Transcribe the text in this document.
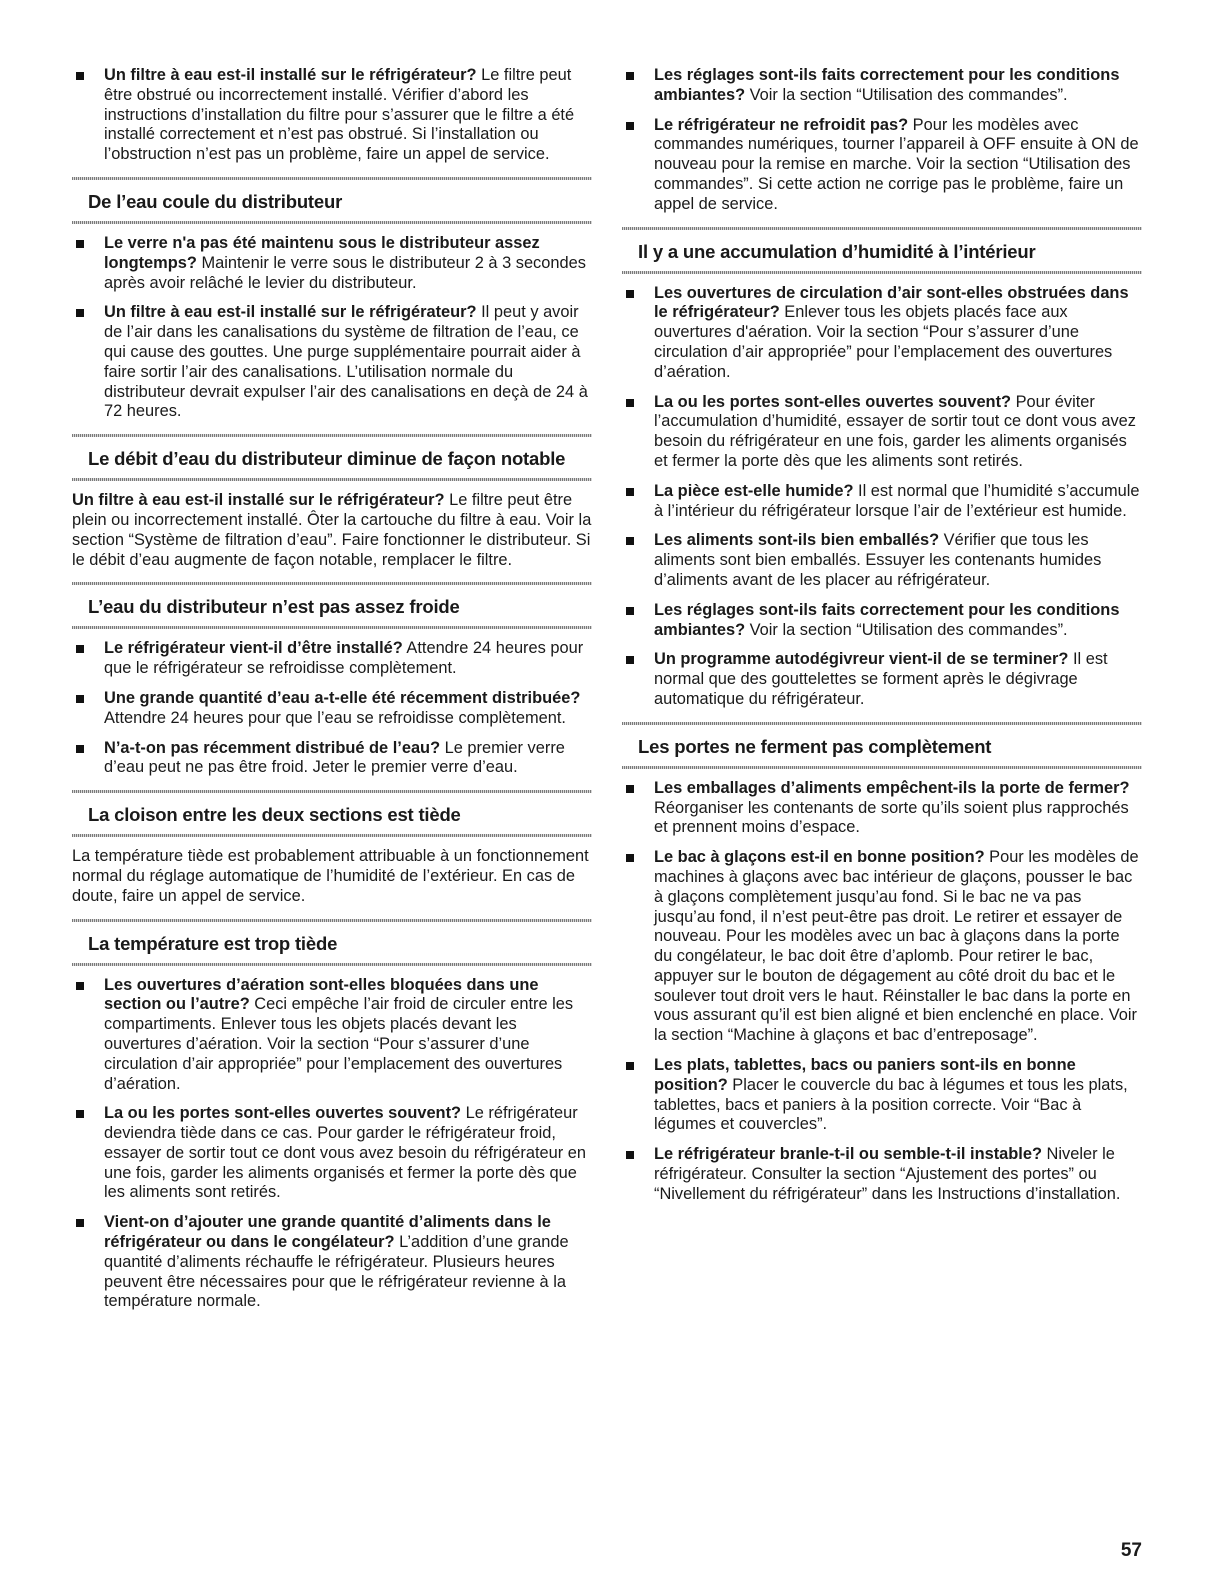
Un filtre à eau est-il installé sur le réfrigérateur? Le filtre peut être obstrué ou incorrectement installé. Vérifier d’abord les instructions d’installation du filtre pour s’assurer que le filtre a été installé correctement et n’est pas obstrué. Si l’installation ou l’obstruction n’est pas un problème, faire un appel de service.
De l’eau coule du distributeur
Le verre n'a pas été maintenu sous le distributeur assez longtemps? Maintenir le verre sous le distributeur 2 à 3 secondes après avoir relâché le levier du distributeur.
Un filtre à eau est-il installé sur le réfrigérateur? Il peut y avoir de l’air dans les canalisations du système de filtration de l’eau, ce qui cause des gouttes. Une purge supplémentaire pourrait aider à faire sortir l’air des canalisations. L’utilisation normale du distributeur devrait expulser l’air des canalisations en deçà de 24 à 72 heures.
Le débit d’eau du distributeur diminue de façon notable
Un filtre à eau est-il installé sur le réfrigérateur? Le filtre peut être plein ou incorrectement installé. Ôter la cartouche du filtre à eau. Voir la section “Système de filtration d’eau”. Faire fonctionner le distributeur. Si le débit d’eau augmente de façon notable, remplacer le filtre.
L’eau du distributeur n’est pas assez froide
Le réfrigérateur vient-il d’être installé? Attendre 24 heures pour que le réfrigérateur se refroidisse complètement.
Une grande quantité d’eau a-t-elle été récemment distribuée? Attendre 24 heures pour que l’eau se refroidisse complètement.
N’a-t-on pas récemment distribué de l’eau? Le premier verre d’eau peut ne pas être froid. Jeter le premier verre d’eau.
La cloison entre les deux sections est tiède
La température tiède est probablement attribuable à un fonctionnement normal du réglage automatique de l’humidité de l’extérieur. En cas de doute, faire un appel de service.
La température est trop tiède
Les ouvertures d’aération sont-elles bloquées dans une section ou l’autre? Ceci empêche l’air froid de circuler entre les compartiments. Enlever tous les objets placés devant les ouvertures d’aération. Voir la section “Pour s’assurer d’une circulation d’air appropriée” pour l’emplacement des ouvertures d’aération.
La ou les portes sont-elles ouvertes souvent? Le réfrigérateur deviendra tiède dans ce cas. Pour garder le réfrigérateur froid, essayer de sortir tout ce dont vous avez besoin du réfrigérateur en une fois, garder les aliments organisés et fermer la porte dès que les aliments sont retirés.
Vient-on d’ajouter une grande quantité d’aliments dans le réfrigérateur ou dans le congélateur? L’addition d’une grande quantité d’aliments réchauffe le réfrigérateur. Plusieurs heures peuvent être nécessaires pour que le réfrigérateur revienne à la température normale.
Les réglages sont-ils faits correctement pour les conditions ambiantes? Voir la section “Utilisation des commandes”.
Le réfrigérateur ne refroidit pas? Pour les modèles avec commandes numériques, tourner l’appareil à OFF ensuite à ON de nouveau pour la remise en marche. Voir la section “Utilisation des commandes”. Si cette action ne corrige pas le problème, faire un appel de service.
Il y a une accumulation d’humidité à l’intérieur
Les ouvertures de circulation d’air sont-elles obstruées dans le réfrigérateur? Enlever tous les objets placés face aux ouvertures d'aération. Voir la section “Pour s’assurer d’une circulation d’air appropriée” pour l’emplacement des ouvertures d’aération.
La ou les portes sont-elles ouvertes souvent? Pour éviter l’accumulation d’humidité, essayer de sortir tout ce dont vous avez besoin du réfrigérateur en une fois, garder les aliments organisés et fermer la porte dès que les aliments sont retirés.
La pièce est-elle humide? Il est normal que l’humidité s’accumule à l’intérieur du réfrigérateur lorsque l’air de l’extérieur est humide.
Les aliments sont-ils bien emballés? Vérifier que tous les aliments sont bien emballés. Essuyer les contenants humides d’aliments avant de les placer au réfrigérateur.
Les réglages sont-ils faits correctement pour les conditions ambiantes? Voir la section “Utilisation des commandes”.
Un programme autodégivreur vient-il de se terminer? Il est normal que des gouttelettes se forment après le dégivrage automatique du réfrigérateur.
Les portes ne ferment pas complètement
Les emballages d’aliments empêchent-ils la porte de fermer? Réorganiser les contenants de sorte qu’ils soient plus rapprochés et prennent moins d’espace.
Le bac à glaçons est-il en bonne position? Pour les modèles de machines à glaçons avec bac intérieur de glaçons, pousser le bac à glaçons complètement jusqu’au fond. Si le bac ne va pas jusqu’au fond, il n’est peut-être pas droit. Le retirer et essayer de nouveau. Pour les modèles avec un bac à glaçons dans la porte du congélateur, le bac doit être d’aplomb. Pour retirer le bac, appuyer sur le bouton de dégagement au côté droit du bac et le soulever tout droit vers le haut. Réinstaller le bac dans la porte en vous assurant qu’il est bien aligné et bien enclenché en place. Voir la section “Machine à glaçons et bac d’entreposage”.
Les plats, tablettes, bacs ou paniers sont-ils en bonne position? Placer le couvercle du bac à légumes et tous les plats, tablettes, bacs et paniers à la position correcte. Voir “Bac à légumes et couvercles”.
Le réfrigérateur branle-t-il ou semble-t-il instable? Niveler le réfrigérateur. Consulter la section “Ajustement des portes” ou “Nivellement du réfrigérateur” dans les Instructions d’installation.
57
